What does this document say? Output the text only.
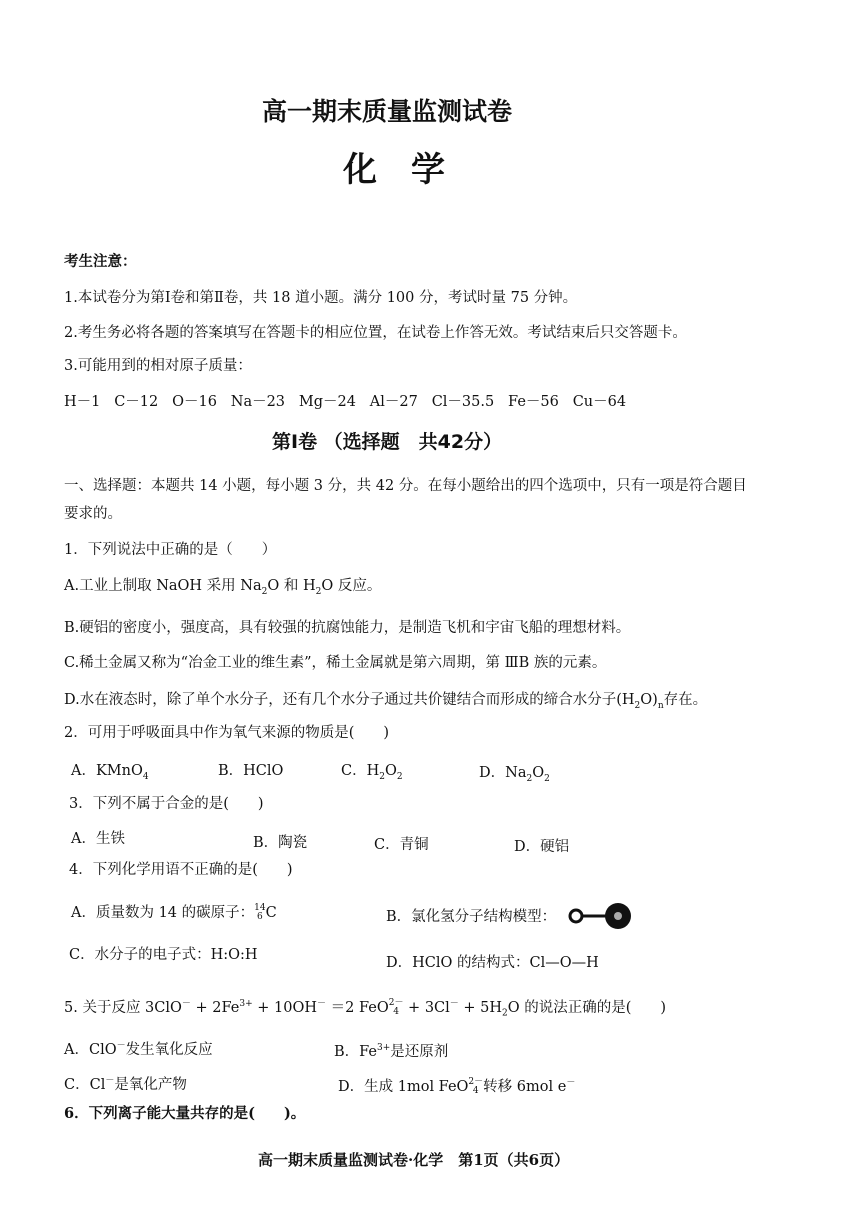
高一期末质量监测试卷
化　学
考生注意：
1.本试卷分为第Ⅰ卷和第Ⅱ卷，共 18 道小题。满分 100 分，考试时量 75 分钟。
2.考生务必将各题的答案填写在答题卡的相应位置，在试卷上作答无效。考试结束后只交答题卡。
3.可能用到的相对原子质量：
H－1 C－12 O－16 Na－23 Mg－24 Al－27 Cl－35.5 Fe－56 Cu－64
第Ⅰ卷 （选择题　共42分）
一、选择题：本题共 14 小题，每小题 3 分，共 42 分。在每小题给出的四个选项中，只有一项是符合题目
要求的。
1．下列说法中正确的是（　　）
A.工业上制取 NaOH 采用 $Na_2O$ 和 $H_2O$ 反应。
B.硬铝的密度小，强度高，具有较强的抗腐蚀能力，是制造飞机和宇宙飞船的理想材料。
C.稀土金属又称为“冶金工业的维生素”，稀土金属就是第六周期，第 ⅢB 族的元素。
D.水在液态时，除了单个水分子，还有几个水分子通过共价键结合而形成的缔合水分子$(H_2O)_n$存在。
2．可用于呼吸面具中作为氧气来源的物质是(　　)
A．KMnO$_4$	B．HClO	C．$H_2O_2$	D．$Na_2O_2$
3．下列不属于合金的是(　　)
A．生铁	B．陶瓷	C．青铜	D．硬铝
4．下列化学用语不正确的是(　　)
A．质量数为 14 的碳原子： 14
6 C	B．氯化氢分子结构模型：
C．水分子的电子式：H:O:H	D．HClO 的结构式：Cl—O—H
5. 关于反应 $3ClO^- + 2Fe^{3+} + 10OH^- =2$ FeO 2－
$4 + 3Cl^- + 5H_2O$ 的说法正确的是(　　)
A．ClO－发生氧化反应	B．$Fe^{3+}$是还原剂
C．Cl－是氧化产物	D．生成 1mol FeO 2－
4 转移 6mol e－
6．下列离子能大量共存的是(　　)。
高一期末质量监测试卷·化学　第1页（共6页）
